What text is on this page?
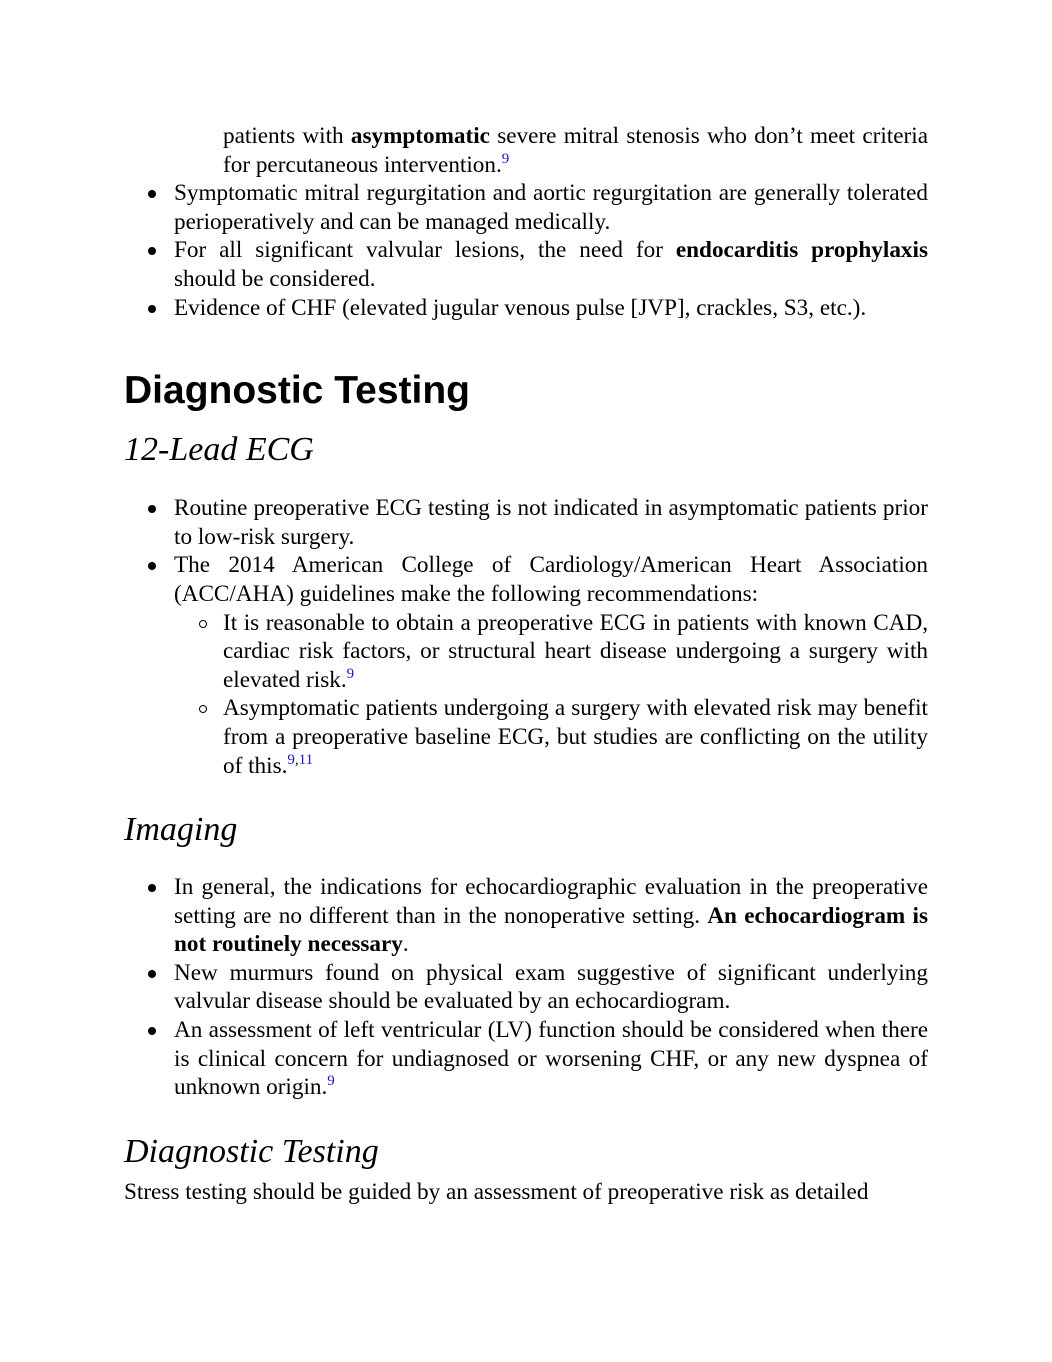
patients with asymptomatic severe mitral stenosis who don’t meet criteria for percutaneous intervention.$^9$

Symptomatic mitral regurgitation and aortic regurgitation are generally tolerated perioperatively and can be managed medically.
For all significant valvular lesions, the need for endocarditis prophylaxis should be considered.
Evidence of CHF (elevated jugular venous pulse [JVP], crackles, S3, etc.).
Diagnostic Testing
12-Lead ECG
Routine preoperative ECG testing is not indicated in asymptomatic patients prior to low-risk surgery.
The 2014 American College of Cardiology/American Heart Association (ACC/AHA) guidelines make the following recommendations:
It is reasonable to obtain a preoperative ECG in patients with known CAD, cardiac risk factors, or structural heart disease undergoing a surgery with elevated risk.$^9$
Asymptomatic patients undergoing a surgery with elevated risk may benefit from a preoperative baseline ECG, but studies are conflicting on the utility of this.$^{9,11}$
Imaging
In general, the indications for echocardiographic evaluation in the preoperative setting are no different than in the nonoperative setting. An echocardiogram is not routinely necessary.
New murmurs found on physical exam suggestive of significant underlying valvular disease should be evaluated by an echocardiogram.
An assessment of left ventricular (LV) function should be considered when there is clinical concern for undiagnosed or worsening CHF, or any new dyspnea of unknown origin.$^9$
Diagnostic Testing

Stress testing should be guided by an assessment of preoperative risk as detailed
